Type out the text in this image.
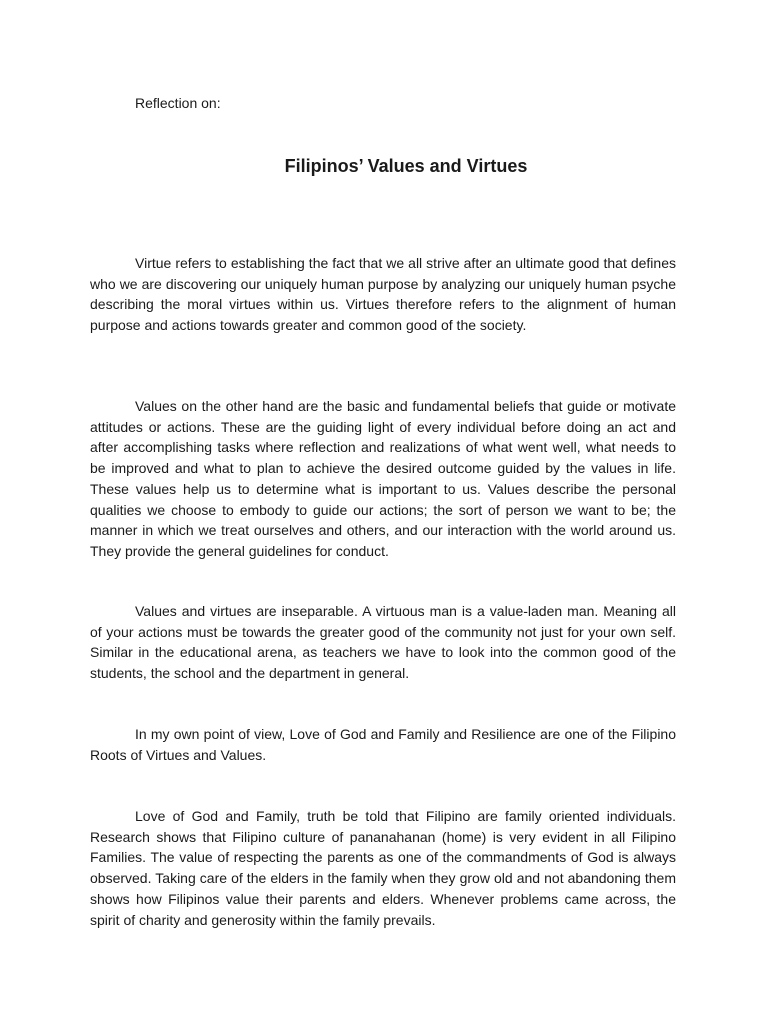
Reflection on:
Filipinos’ Values and Virtues

Virtue refers to establishing the fact that we all strive after an ultimate good that defines who we are discovering our uniquely human purpose by analyzing our uniquely human psyche describing the moral virtues within us. Virtues therefore refers to the alignment of human purpose and actions towards greater and common good of the society.

Values on the other hand are the basic and fundamental beliefs that guide or motivate attitudes or actions. These are the guiding light of every individual before doing an act and after accomplishing tasks where reflection and realizations of what went well, what needs to be improved and what to plan to achieve the desired outcome guided by the values in life. These values help us to determine what is important to us. Values describe the personal qualities we choose to embody to guide our actions; the sort of person we want to be; the manner in which we treat ourselves and others, and our interaction with the world around us. They provide the general guidelines for conduct.

Values and virtues are inseparable. A virtuous man is a value-laden man. Meaning all of your actions must be towards the greater good of the community not just for your own self. Similar in the educational arena, as teachers we have to look into the common good of the students, the school and the department in general.

In my own point of view, Love of God and Family and Resilience are one of the Filipino Roots of Virtues and Values.

Love of God and Family, truth be told that Filipino are family oriented individuals. Research shows that Filipino culture of pananahanan (home) is very evident in all Filipino Families. The value of respecting the parents as one of the commandments of God is always observed. Taking care of the elders in the family when they grow old and not abandoning them shows how Filipinos value their parents and elders. Whenever problems came across, the spirit of charity and generosity within the family prevails.
